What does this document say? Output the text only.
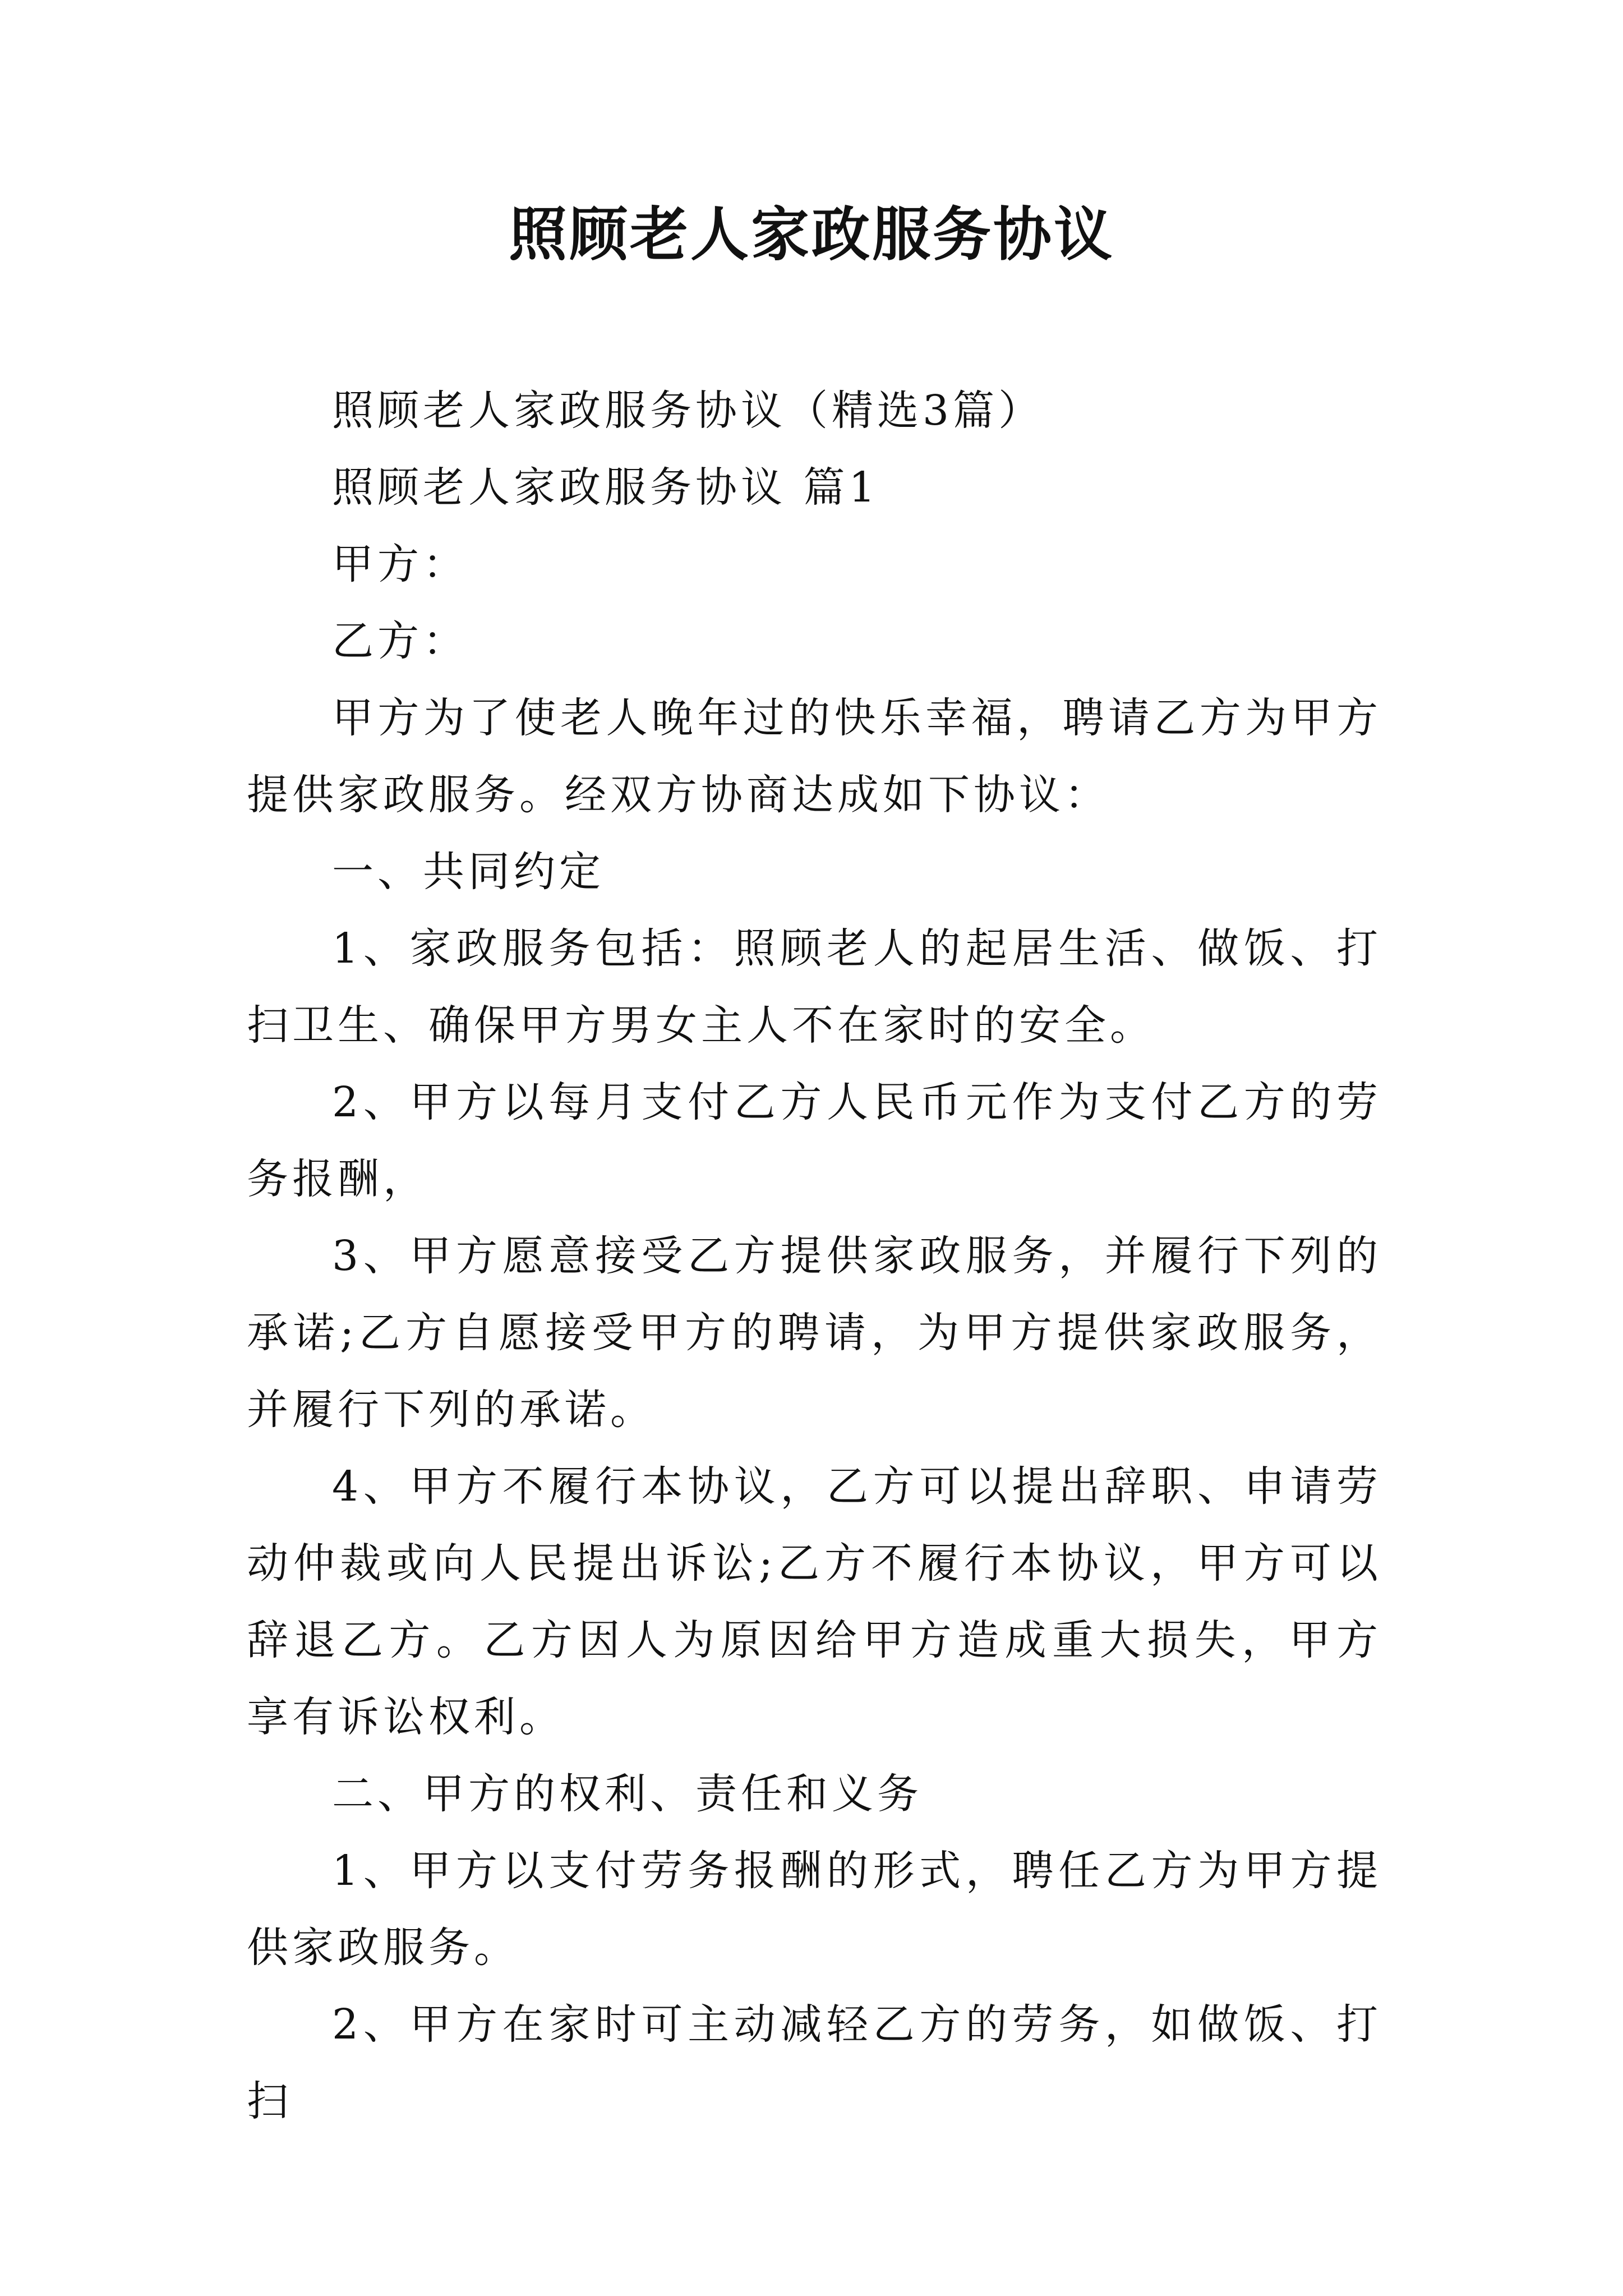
照顾老人家政服务协议

照顾老人家政服务协议（精选3篇）

照顾老人家政服务协议 篇1

甲方：

乙方：

甲方为了使老人晚年过的快乐幸福，聘请乙方为甲方提供家政服务。经双方协商达成如下协议：

一、共同约定

1、家政服务包括：照顾老人的起居生活、做饭、打扫卫生、确保甲方男女主人不在家时的安全。

2、甲方以每月支付乙方人民币元作为支付乙方的劳务报酬，

3、甲方愿意接受乙方提供家政服务，并履行下列的承诺;乙方自愿接受甲方的聘请，为甲方提供家政服务，并履行下列的承诺。

4、甲方不履行本协议，乙方可以提出辞职、申请劳动仲裁或向人民提出诉讼;乙方不履行本协议，甲方可以辞退乙方。乙方因人为原因给甲方造成重大损失，甲方享有诉讼权利。

二、甲方的权利、责任和义务

1、甲方以支付劳务报酬的形式，聘任乙方为甲方提供家政服务。

2、甲方在家时可主动减轻乙方的劳务，如做饭、打扫
